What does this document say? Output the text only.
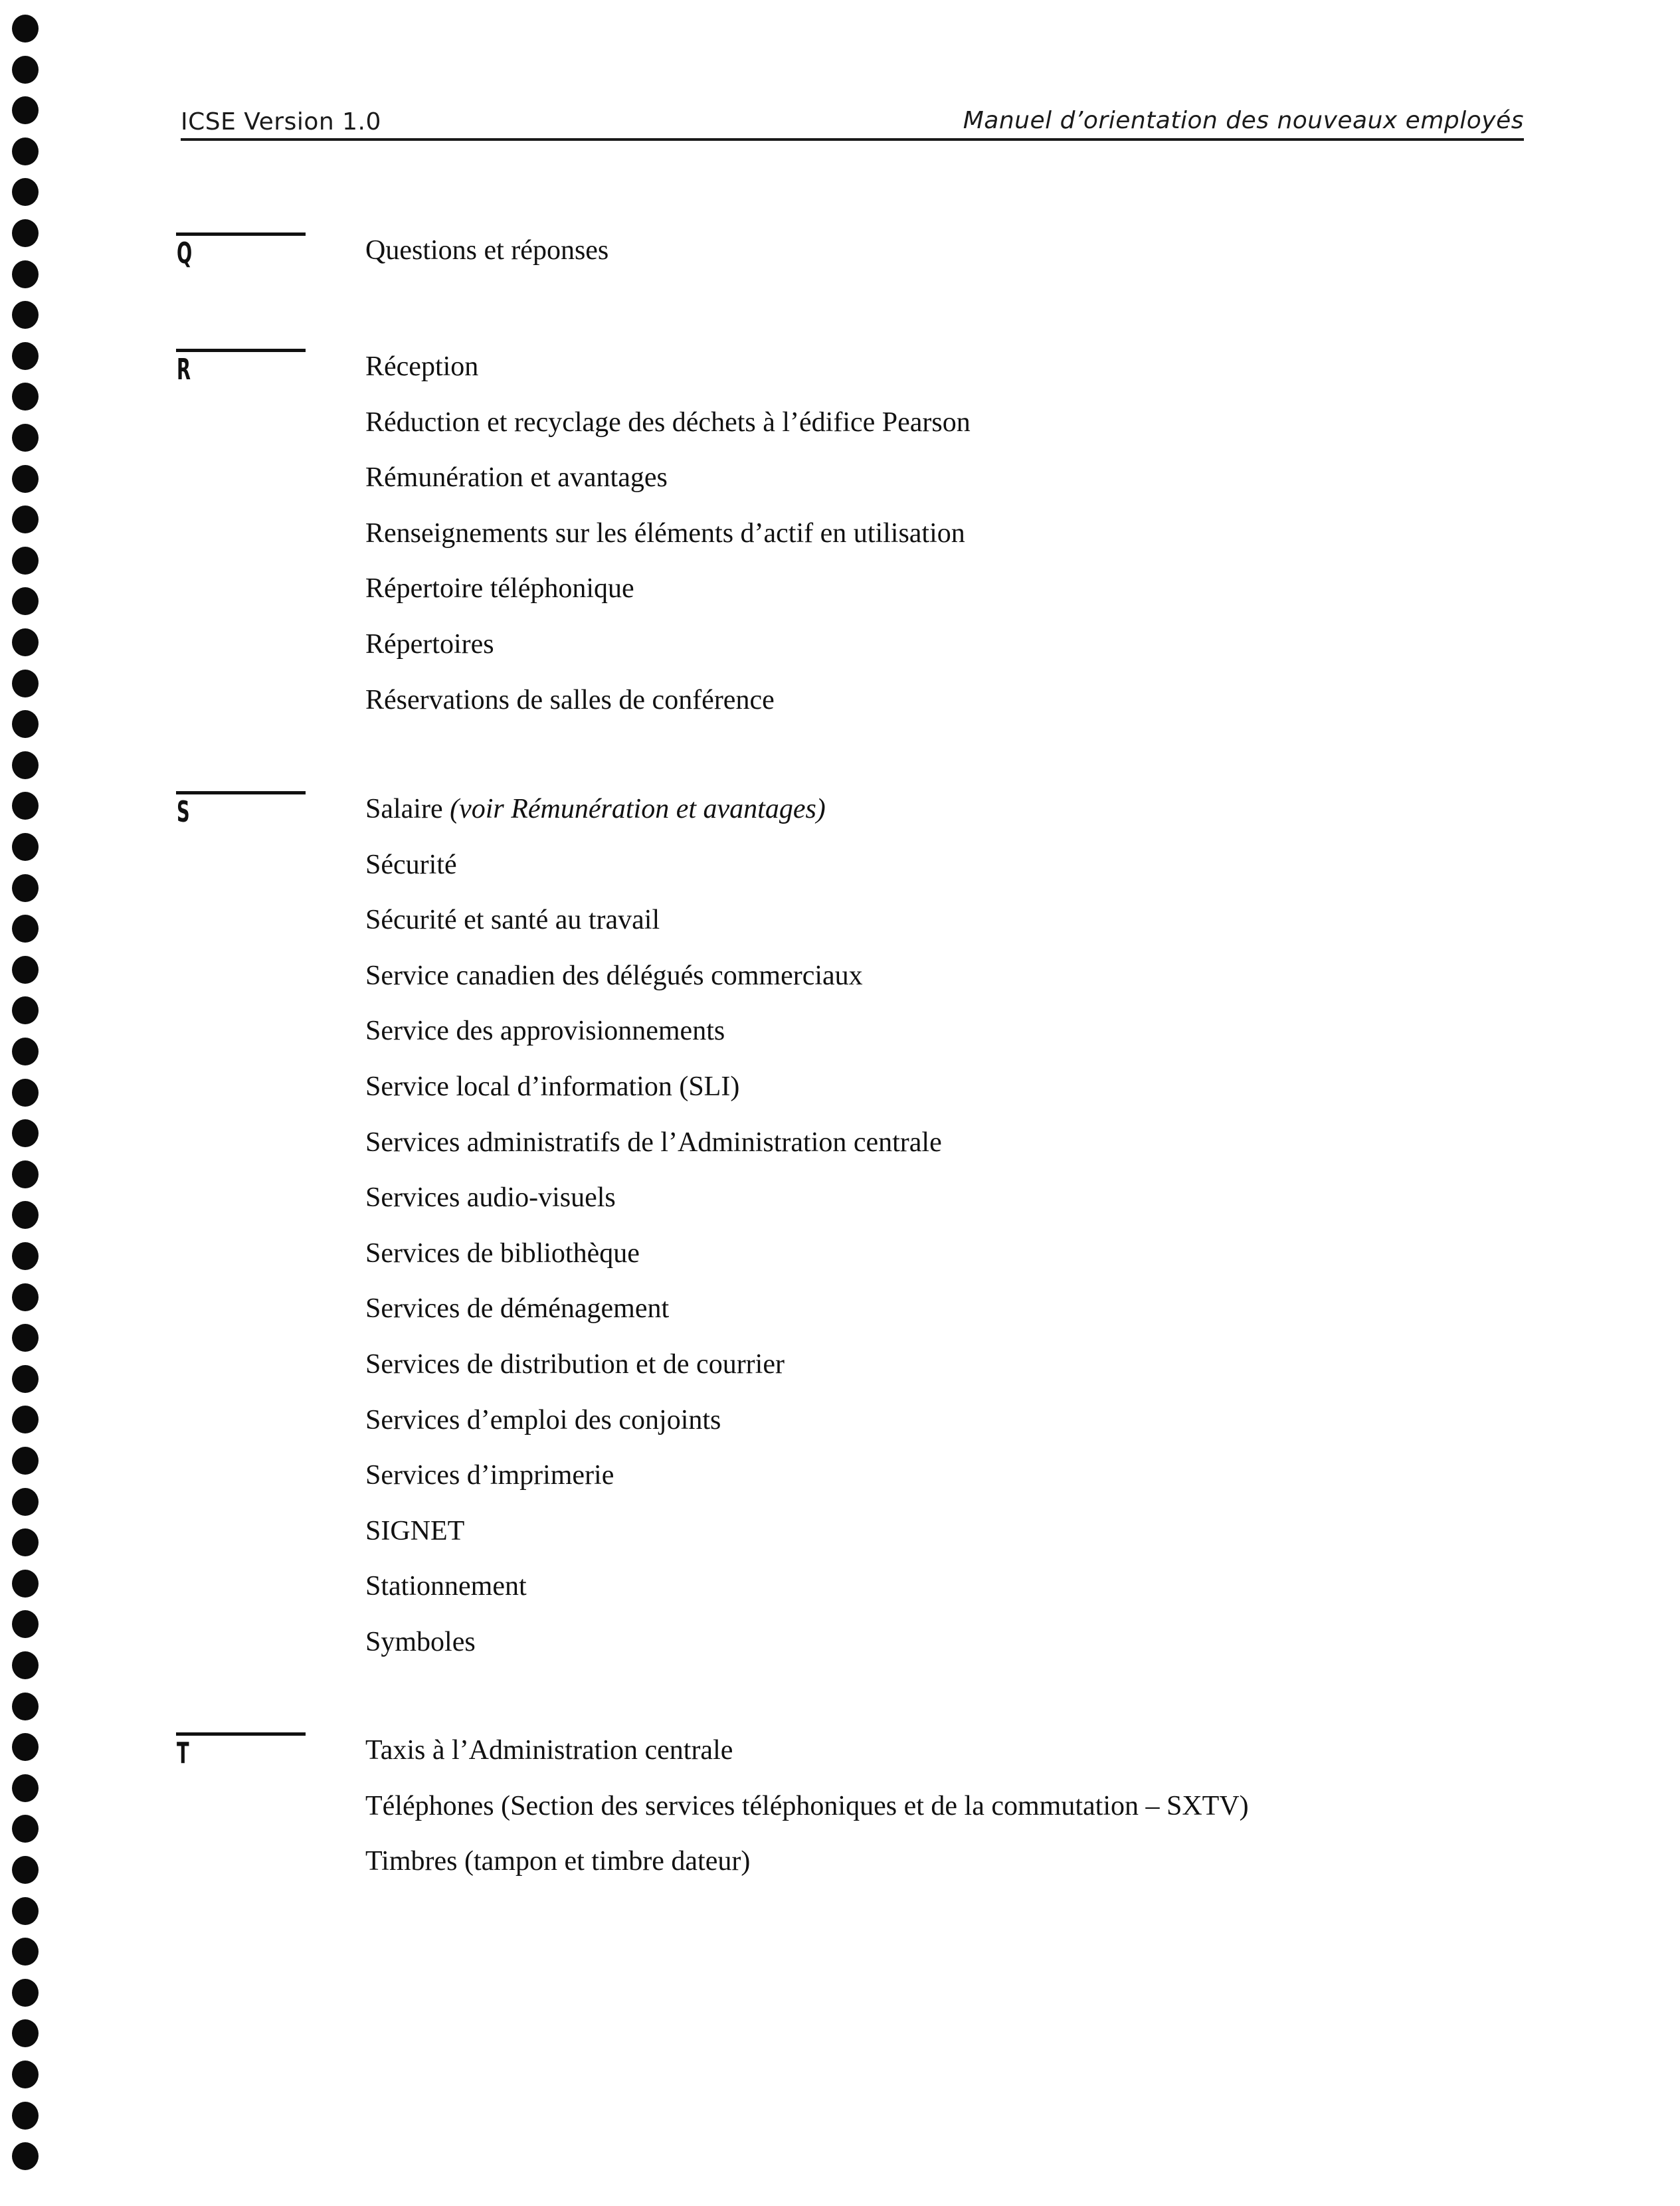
ICSE Version 1.0	Manuel d’orientation des nouveaux employés
Q	Questions et réponses
R	Réception
Réduction et recyclage des déchets à l’édifice Pearson
Rémunération et avantages
Renseignements sur les éléments d’actif en utilisation
Répertoire téléphonique
Répertoires
Réservations de salles de conférence
S	Salaire (voir Rémunération et avantages)
Sécurité
Sécurité et santé au travail
Service canadien des délégués commerciaux
Service des approvisionnements
Service local d’information (SLI)
Services administratifs de l’Administration centrale
Services audio-visuels
Services de bibliothèque
Services de déménagement
Services de distribution et de courrier
Services d’emploi des conjoints
Services d’imprimerie
SIGNET
Stationnement
Symboles
T	Taxis à l’Administration centrale
Téléphones (Section des services téléphoniques et de la commutation – SXTV)
Timbres (tampon et timbre dateur)
